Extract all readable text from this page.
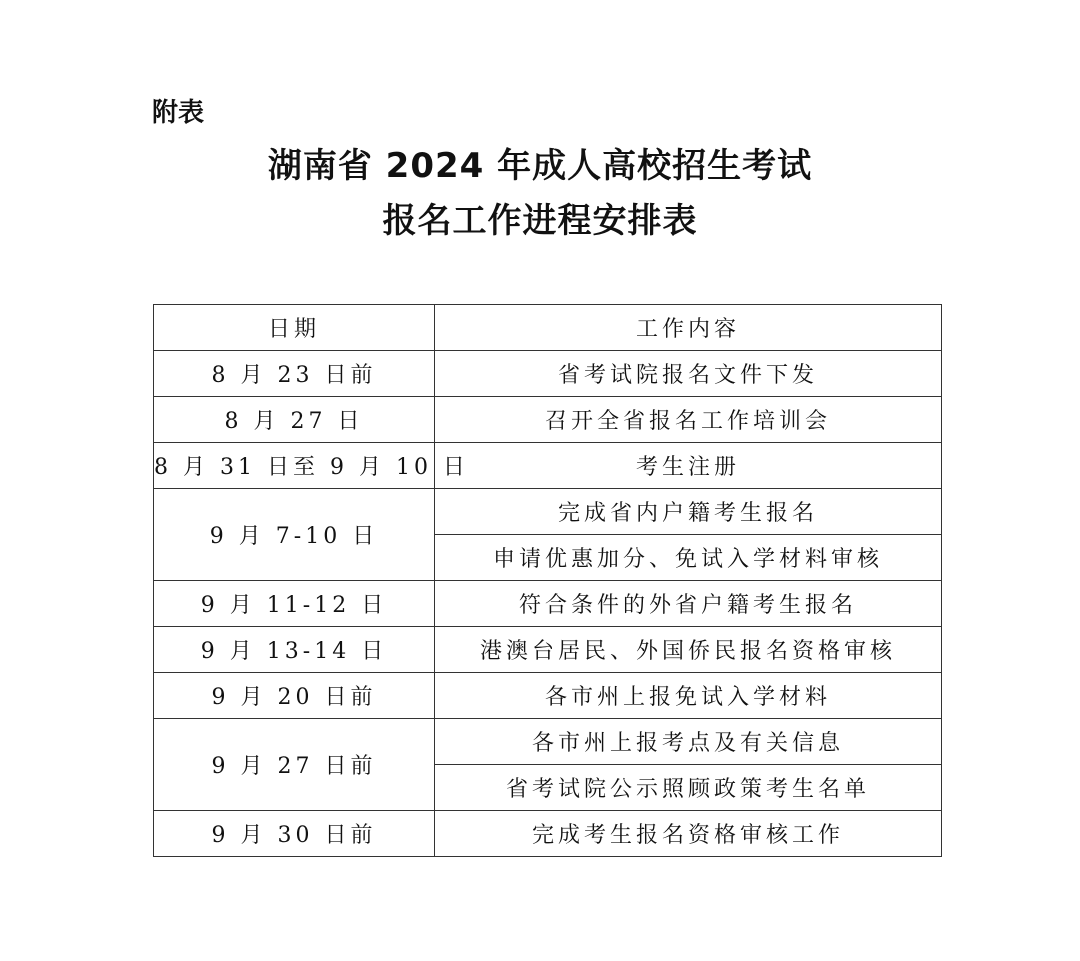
附表
湖南省 2024 年成人高校招生考试
报名工作进程安排表
日期	工作内容
8 月 23 日前	省考试院报名文件下发
8 月 27 日	召开全省报名工作培训会
8 月 31 日至 9 月 10 日	考生注册
9 月 7-10 日	完成省内户籍考生报名
	申请优惠加分、免试入学材料审核
9 月 11-12 日	符合条件的外省户籍考生报名
9 月 13-14 日	港澳台居民、外国侨民报名资格审核
9 月 20 日前	各市州上报免试入学材料
9 月 27 日前	各市州上报考点及有关信息
	省考试院公示照顾政策考生名单
9 月 30 日前	完成考生报名资格审核工作
